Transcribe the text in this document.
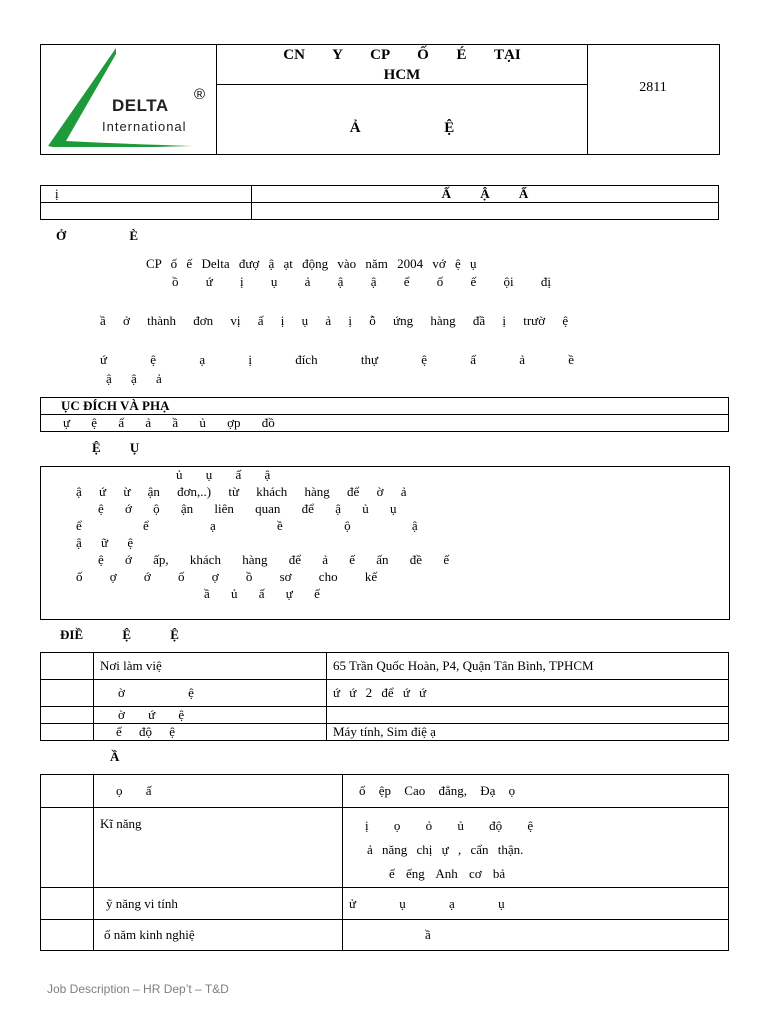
DELTA
®
International
CN Y CP Ố É TẠI
HCM
Ả Ệ
2811
ị	Ấ Ậ Ấ

Ở È
CP ố ế Delta đượ ậ ạt động vào năm 2004 vớ ệ ụ
ồ ứ ị ụ ả ậ ậ ể ố ế ội đị
ầ ở thành đơn vị ấ ị ụ ả ị ỗ ứng hàng đầ ị trườ ệ
ứ ệ ạ ị đích thự ệ ấ ả ề
ậ ậ ả
ỤC ĐÍCH VÀ PHẠ
ự ệ ấ ả ầ ủ ợp đồ
Ệ Ụ
ủ ụ ấ ậ
ậ ứ ừ ận đơn,..) từ khách hàng để ờ ả
ệ ớ ộ ận liên quan để ậ ủ ụ
ể ể ạ ề ộ ậ
ậ ữ ệ
ệ ớ ấp, khách hàng để ả ế ấn đề ế
ố ợ ớ ố ợ ồ sơ cho kế
ầ ủ ấ ự ế
ĐIỀ Ệ Ệ
	Nơi làm việ	65 Trần Quốc Hoàn, P4, Quận Tân Bình, TPHCM
	ờ ệ	ứ ứ 2 để ứ ứ
	ờ ứ ệ	
	ế độ ệ	Máy tính, Sim điệ ạ
Ầ
	ọ ấ	ố ệp Cao đẳng, Đạ ọ
	Kĩ năng	ị ọ ỏ ủ độ ệ
ả năng chị ự , cẩn thận.
ế ếng Anh cơ bả

	ỹ năng vi tính	ử ụ ạ ụ
	ố năm kinh nghiệ	ầ
Job Description – HR Dep’t – T&D
